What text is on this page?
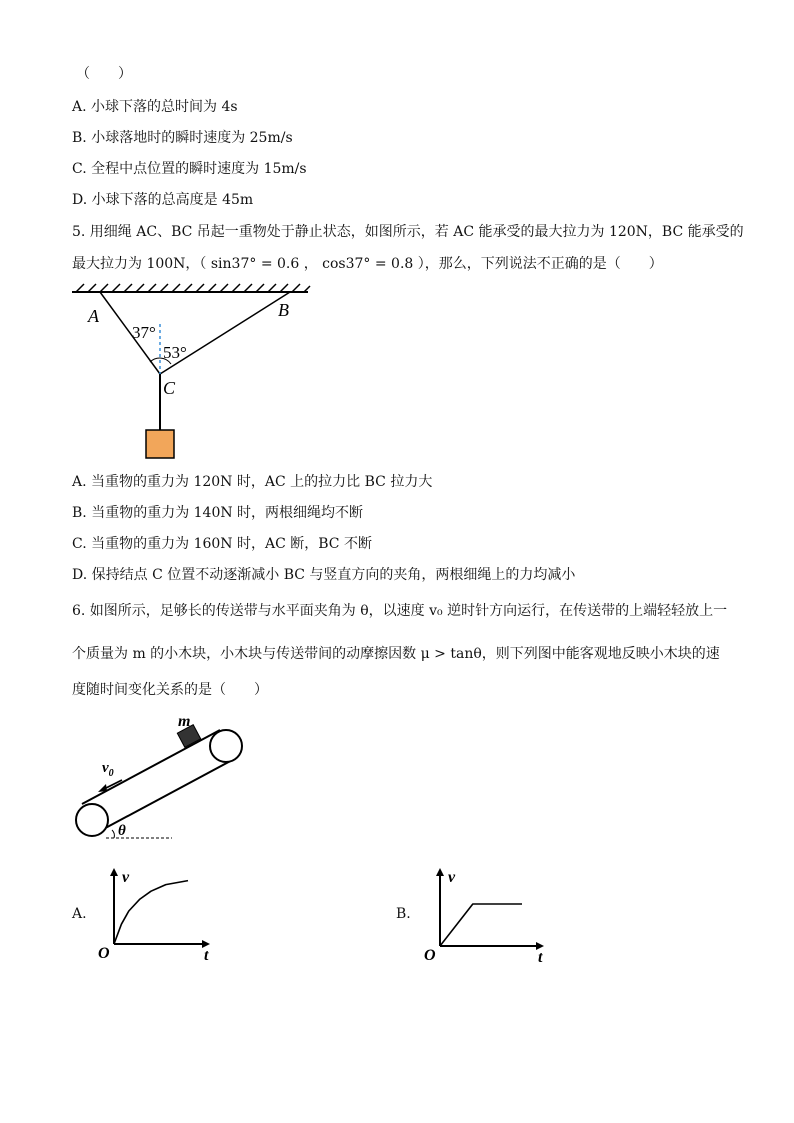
（　　）
A. 小球下落的总时间为 4s
B. 小球落地时的瞬时速度为 25m/s
C. 全程中点位置的瞬时速度为 15m/s
D. 小球下落的总高度是 45m
5. 用细绳 AC、BC 吊起一重物处于静止状态，如图所示，若 AC 能承受的最大拉力为 120N，BC 能承受的
最大拉力为 100N，（ sin37° = 0.6 ， cos37° = 0.8 ），那么，下列说法不正确的是（　　）
A	B
C
37°
53°
A. 当重物的重力为 120N 时，AC 上的拉力比 BC 拉力大
B. 当重物的重力为 140N 时，两根细绳均不断
C. 当重物的重力为 160N 时，AC 断，BC 不断
D. 保持结点 C 位置不动逐渐减小 BC 与竖直方向的夹角，两根细绳上的力均减小
6. 如图所示，足够长的传送带与水平面夹角为 θ，以速度 v₀ 逆时针方向运行，在传送带的上端轻轻放上一
个质量为 m 的小木块，小木块与传送带间的动摩擦因数 μ > tanθ，则下列图中能客观地反映小木块的速
度随时间变化关系的是（　　）
m
$v_0$
θ
A.
t
v
O
B.
t
v
O
